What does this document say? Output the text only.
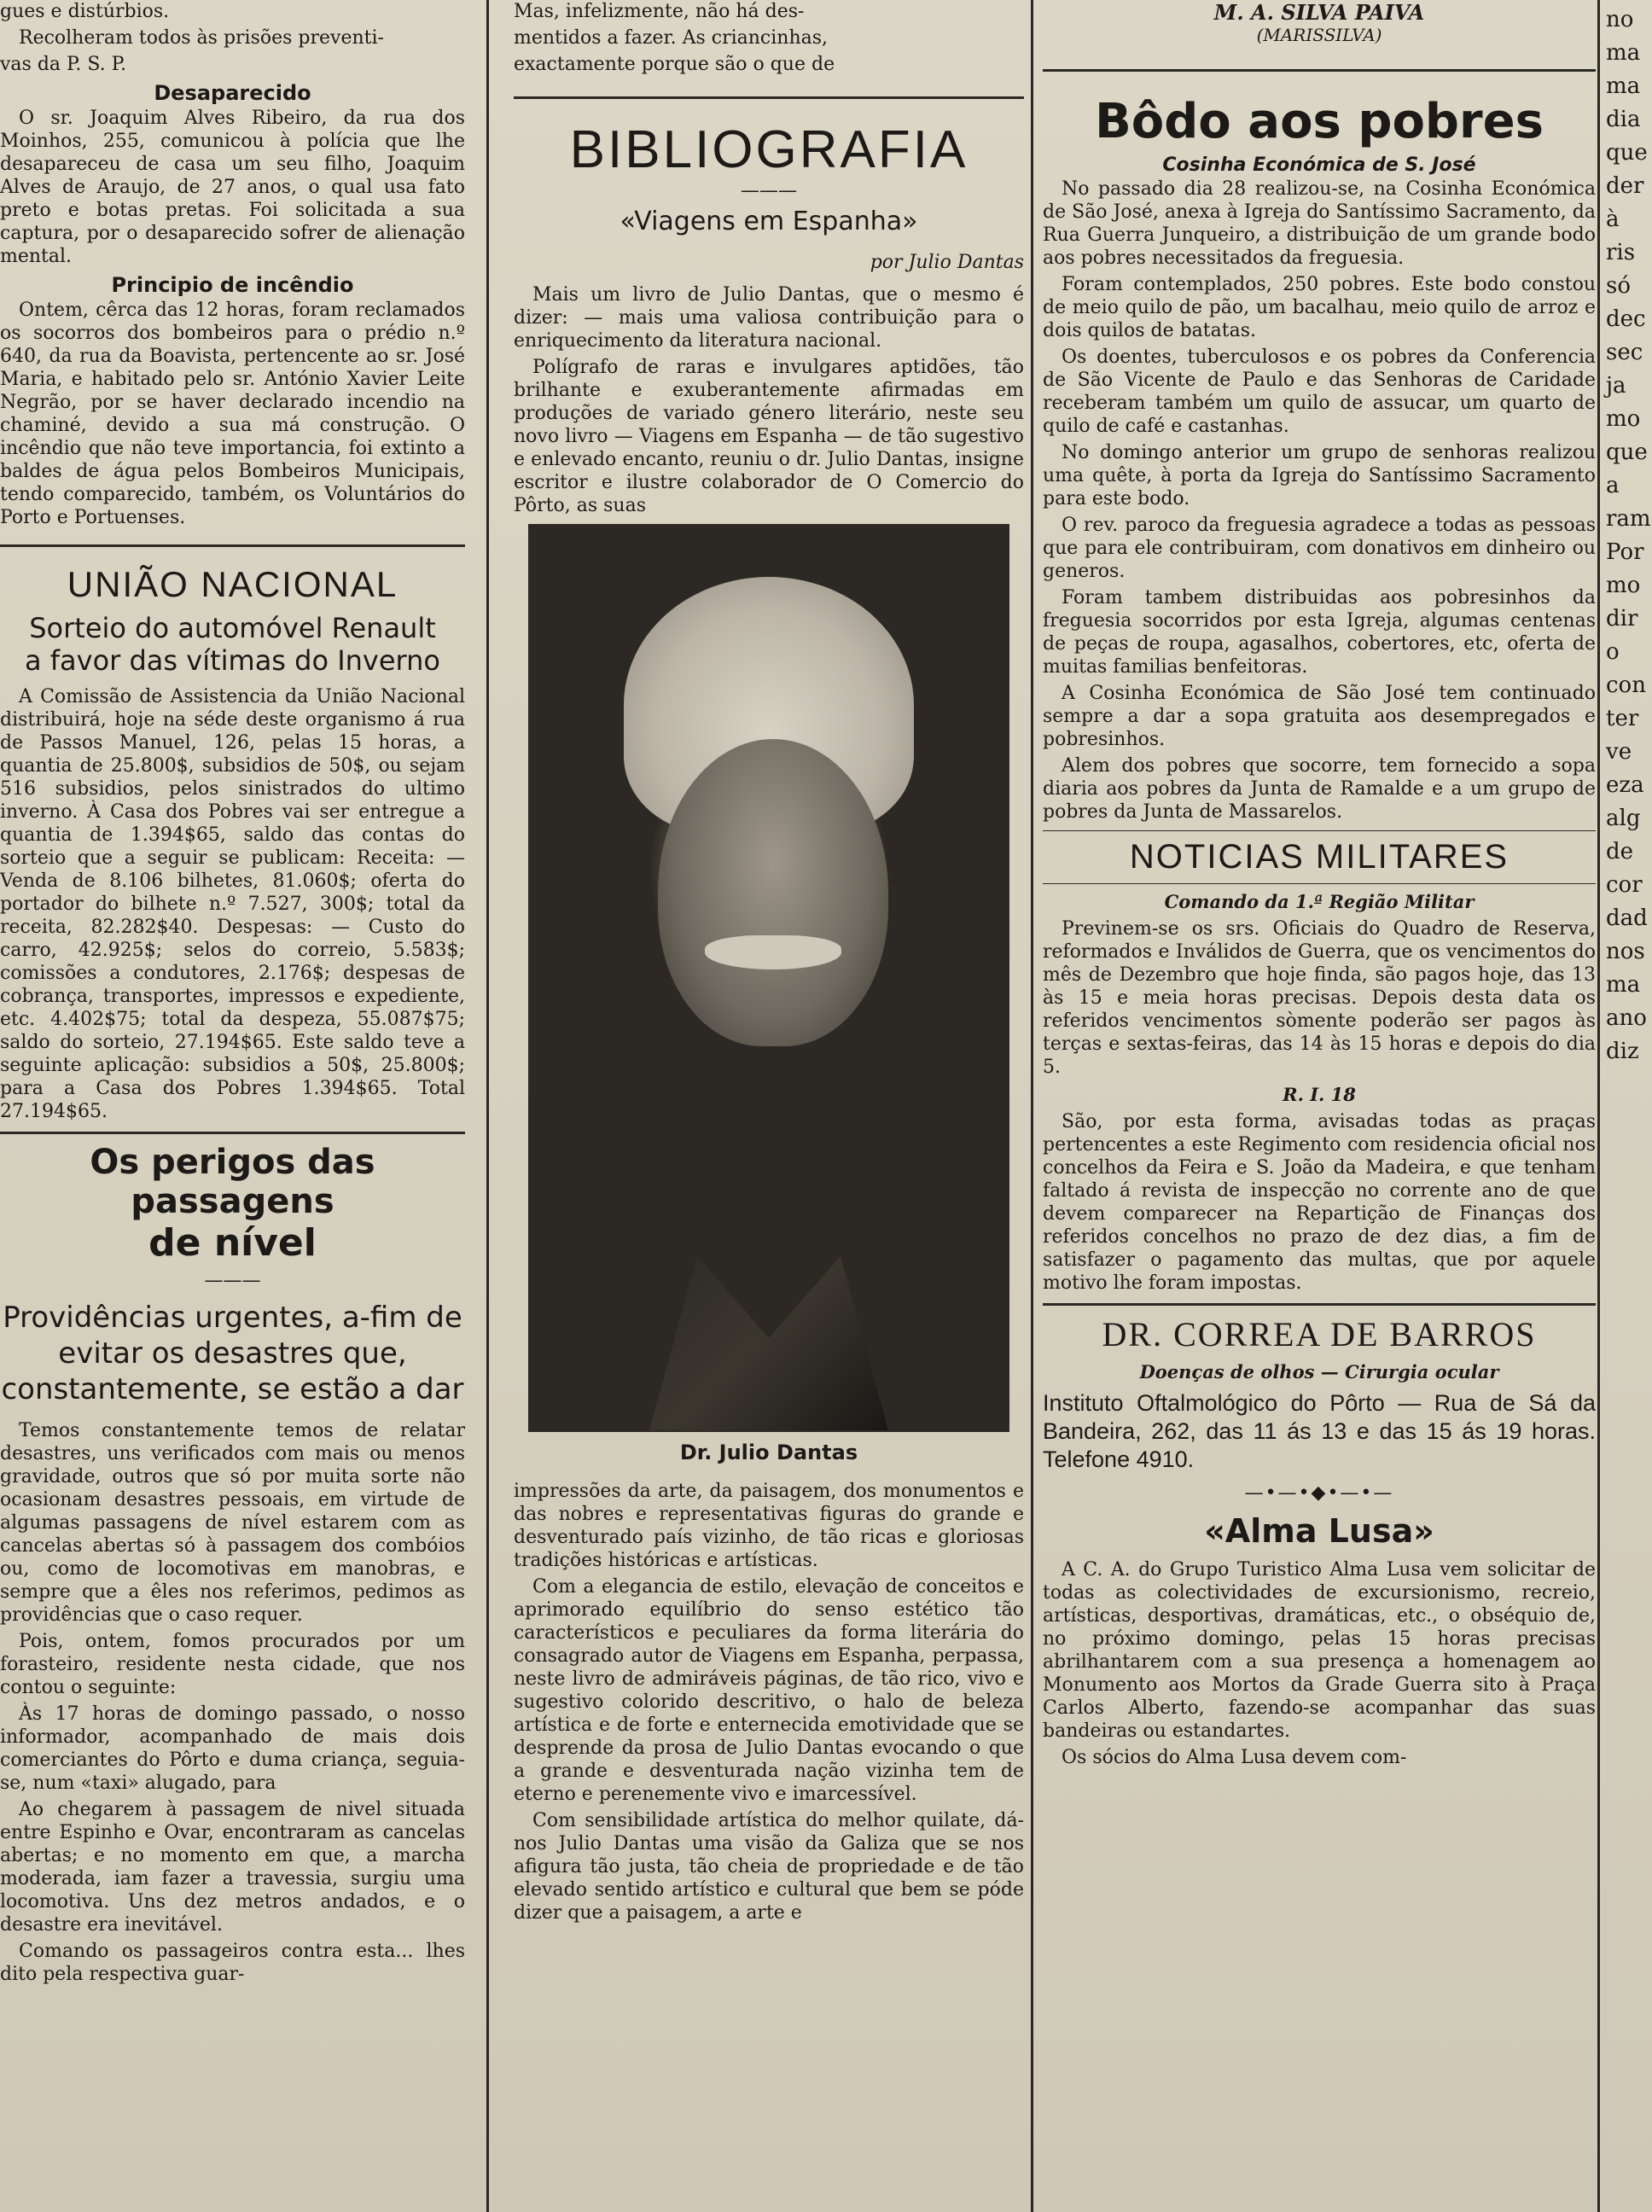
gues e distúrbios.

Recolheram todos às prisões preventi-

vas da P. S. P.

Desaparecido

O sr. Joaquim Alves Ribeiro, da rua dos Moinhos, 255, comunicou à polícia que lhe desapareceu de casa um seu filho, Joaquim Alves de Araujo, de 27 anos, o qual usa fato preto e botas pretas. Foi solicitada a sua captura, por o desaparecido sofrer de alienação mental.

Principio de incêndio

Ontem, cêrca das 12 horas, foram reclamados os socorros dos bombeiros para o prédio n.º 640, da rua da Boavista, pertencente ao sr. José Maria, e habitado pelo sr. António Xavier Leite Negrão, por se haver declarado incendio na chaminé, devido a sua má construção. O incêndio que não teve importancia, foi extinto a baldes de água pelos Bombeiros Municipais, tendo comparecido, também, os Voluntários do Porto e Portuenses.

UNIÃO NACIONAL
Sorteio do automóvel Renault
a favor das vítimas do Inverno

A Comissão de Assistencia da União Nacional distribuirá, hoje na séde deste organismo á rua de Passos Manuel, 126, pelas 15 horas, a quantia de 25.800$, subsidios de 50$, ou sejam 516 subsidios, pelos sinistrados do ultimo inverno. À Casa dos Pobres vai ser entregue a quantia de 1.394$65, saldo das contas do sorteio que a seguir se publicam: Receita: — Venda de 8.106 bilhetes, 81.060$; oferta do portador do bilhete n.º 7.527, 300$; total da receita, 82.282$40. Despesas: — Custo do carro, 42.925$; selos do correio, 5.583$; comissões a condutores, 2.176$; despesas de cobrança, transportes, impressos e expediente, etc. 4.402$75; total da despeza, 55.087$75; saldo do sorteio, 27.194$65. Este saldo teve a seguinte aplicação: subsidios a 50$, 25.800$; para a Casa dos Pobres 1.394$65. Total 27.194$65.

Os perigos das passagens
de nível
———
Providências urgentes, a-fim de evitar os desastres que, constantemente, se estão a dar

Temos constantemente temos de relatar desastres, uns verificados com mais ou menos gravidade, outros que só por muita sorte não ocasionam desastres pessoais, em virtude de algumas passagens de nível estarem com as cancelas abertas só à passagem dos combóios ou, como de locomotivas em manobras, e sempre que a êles nos referimos, pedimos as providências que o caso requer.

Pois, ontem, fomos procurados por um forasteiro, residente nesta cidade, que nos contou o seguinte:

Às 17 horas de domingo passado, o nosso informador, acompanhado de mais dois comerciantes do Pôrto e duma criança, seguia-se, num «taxi» alugado, para

Ao chegarem à passagem de nivel situada entre Espinho e Ovar, encontraram as cancelas abertas; e no momento em que, a marcha moderada, iam fazer a travessia, surgiu uma locomotiva. Uns dez metros andados, e o desastre era inevitável.

Comando os passageiros contra esta... lhes dito pela respectiva guar-

Mas, infelizmente, não há des-

mentidos a fazer. As criancinhas,

exactamente porque são o que de

BIBLIOGRAFIA
———
«Viagens em Espanha»
por Julio Dantas

Mais um livro de Julio Dantas, que o mesmo é dizer: — mais uma valiosa contribuição para o enriquecimento da literatura nacional.

Polígrafo de raras e invulgares aptidões, tão brilhante e exuberantemente afirmadas em produções de variado género literário, neste seu novo livro — Viagens em Espanha — de tão sugestivo e enlevado encanto, reuniu o dr. Julio Dantas, insigne escritor e ilustre colaborador de O Comercio do Pôrto, as suas

Dr. Julio Dantas

impressões da arte, da paisagem, dos monumentos e das nobres e representativas figuras do grande e desventurado país vizinho, de tão ricas e gloriosas tradições históricas e artísticas.

Com a elegancia de estilo, elevação de conceitos e aprimorado equilíbrio do senso estético tão característicos e peculiares da forma literária do consagrado autor de Viagens em Espanha, perpassa, neste livro de admiráveis páginas, de tão rico, vivo e sugestivo colorido descritivo, o halo de beleza artística e de forte e enternecida emotividade que se desprende da prosa de Julio Dantas evocando o que a grande e desventurada nação vizinha tem de eterno e perenemente vivo e imarcessível.

Com sensibilidade artística do melhor quilate, dá-nos Julio Dantas uma visão da Galiza que se nos afigura tão justa, tão cheia de propriedade e de tão elevado sentido artístico e cultural que bem se póde dizer que a paisagem, a arte e

M. A. SILVA PAIVA
(MARISSILVA)
Bôdo aos pobres
Cosinha Económica de S. José

No passado dia 28 realizou-se, na Cosinha Económica de São José, anexa à Igreja do Santíssimo Sacramento, da Rua Guerra Junqueiro, a distribuição de um grande bodo aos pobres necessitados da freguesia.

Foram contemplados, 250 pobres. Este bodo constou de meio quilo de pão, um bacalhau, meio quilo de arroz e dois quilos de batatas.

Os doentes, tuberculosos e os pobres da Conferencia de São Vicente de Paulo e das Senhoras de Caridade receberam também um quilo de assucar, um quarto de quilo de café e castanhas.

No domingo anterior um grupo de senhoras realizou uma quête, à porta da Igreja do Santíssimo Sacramento para este bodo.

O rev. paroco da freguesia agradece a todas as pessoas que para ele contribuiram, com donativos em dinheiro ou generos.

Foram tambem distribuidas aos pobresinhos da freguesia socorridos por esta Igreja, algumas centenas de peças de roupa, agasalhos, cobertores, etc, oferta de muitas familias benfeitoras.

A Cosinha Económica de São José tem continuado sempre a dar a sopa gratuita aos desempregados e pobresinhos.

Alem dos pobres que socorre, tem fornecido a sopa diaria aos pobres da Junta de Ramalde e a um grupo de pobres da Junta de Massarelos.

NOTICIAS MILITARES
Comando da 1.ª Região Militar

Previnem-se os srs. Oficiais do Quadro de Reserva, reformados e Inválidos de Guerra, que os vencimentos do mês de Dezembro que hoje finda, são pagos hoje, das 13 às 15 e meia horas precisas. Depois desta data os referidos vencimentos sòmente poderão ser pagos às terças e sextas-feiras, das 14 às 15 horas e depois do dia 5.

R. I. 18

São, por esta forma, avisadas todas as praças pertencentes a este Regimento com residencia oficial nos concelhos da Feira e S. João da Madeira, e que tenham faltado á revista de inspecção no corrente ano de que devem comparecer na Repartição de Finanças dos referidos concelhos no prazo de dez dias, a fim de satisfazer o pagamento das multas, que por aquele motivo lhe foram impostas.

DR. CORREA DE BARROS
Doenças de olhos — Cirurgia ocular

Instituto Oftalmológico do Pôrto — Rua de Sá da Bandeira, 262, das 11 ás 13 e das 15 ás 19 horas. Telefone 4910.

—•—•◆•—•—
«Alma Lusa»

A C. A. do Grupo Turistico Alma Lusa vem solicitar de todas as colectividades de excursionismo, recreio, artísticas, desportivas, dramáticas, etc., o obséquio de, no próximo domingo, pelas 15 horas precisas abrilhantarem com a sua presença a homenagem ao Monumento aos Mortos da Grade Guerra sito à Praça Carlos Alberto, fazendo-se acompanhar das suas bandeiras ou estandartes.

Os sócios do Alma Lusa devem com-

no
ma
ma
dia
que
der
à
ris
só
dec
sec
ja
mo
que
a
ram
Por
mo
dir
o
con
ter
ve
eza
alg
de
cor
dad
nos
ma
ano
diz
